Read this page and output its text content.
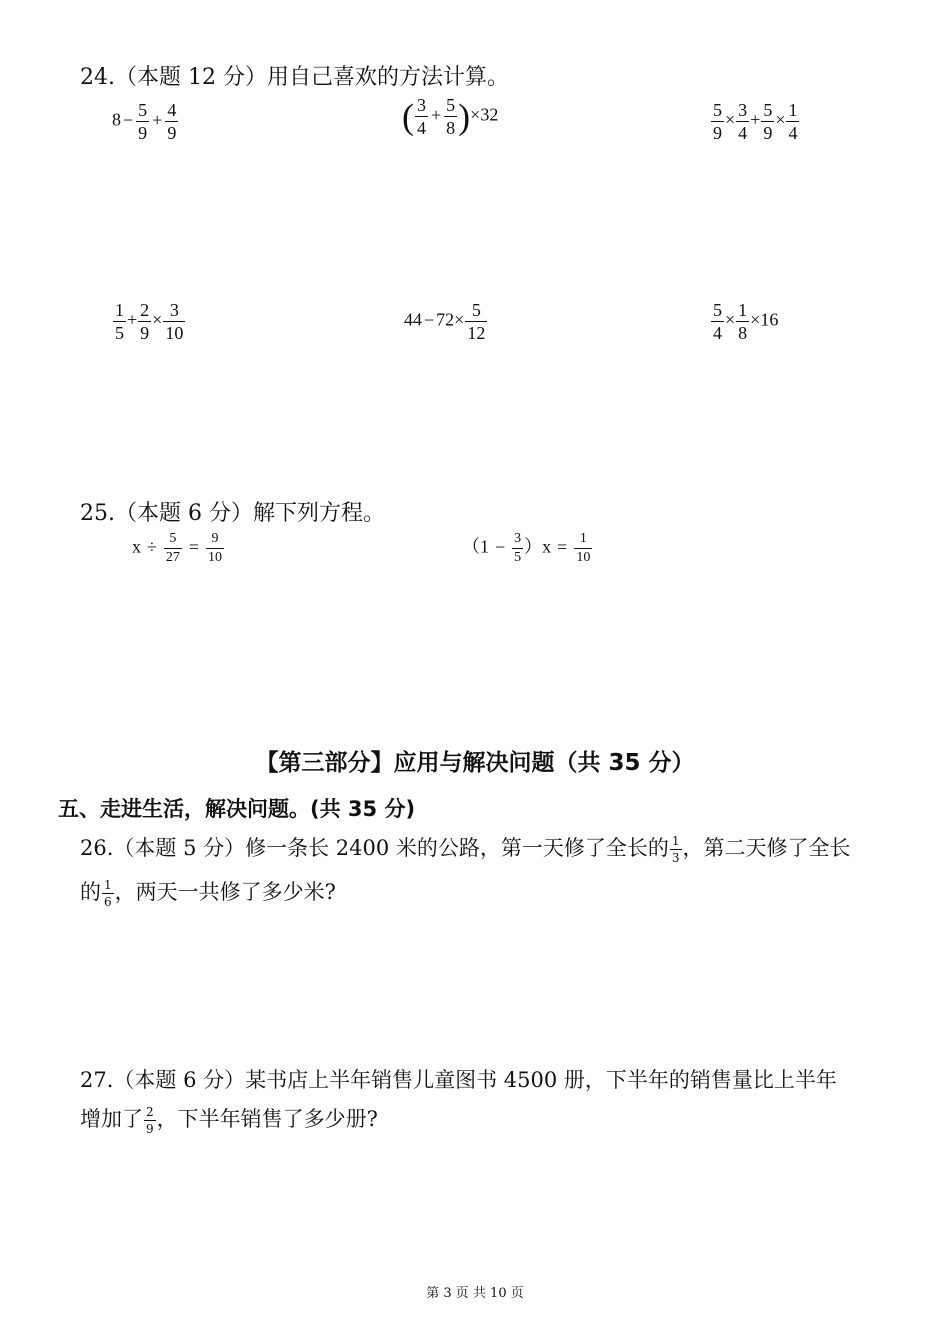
24.（本题 12 分）用自己喜欢的方法计算。
$8 - \frac{5}{9} + \frac{4}{9}$	( $\frac{3}{4} + \frac{5}{8} )\times 32$	$\frac{5}{9} \times \frac{3}{4} + \frac{5}{9} \times \frac{1}{4}$
$\frac{1}{5} + \frac{2}{9} \times \frac{3}{10}$	$44 - 72\times \frac{5}{12}$	$\frac{5}{4} \times \frac{1}{8} \times 16$
25.（本题 6 分）解下列方程。
$x \div \frac{5}{27} = \frac{9}{10}$	$(1 - \frac{3}{5} )x = \frac{1}{10}$
【第三部分】应用与解决问题（共 35 分）
五、走进生活，解决问题。(共 35 分)
26.（本题 5 分）修一条长 2400 米的公路，第一天修了全长的 $\frac{1}{3}$ ，第二天修了全长
的 $\frac{1}{6}$ ，两天一共修了多少米?
27.（本题 6 分）某书店上半年销售儿童图书 4500 册，下半年的销售量比上半年
增加了 $\frac{2}{9}$ ，下半年销售了多少册?
第 3 页 共 10 页
